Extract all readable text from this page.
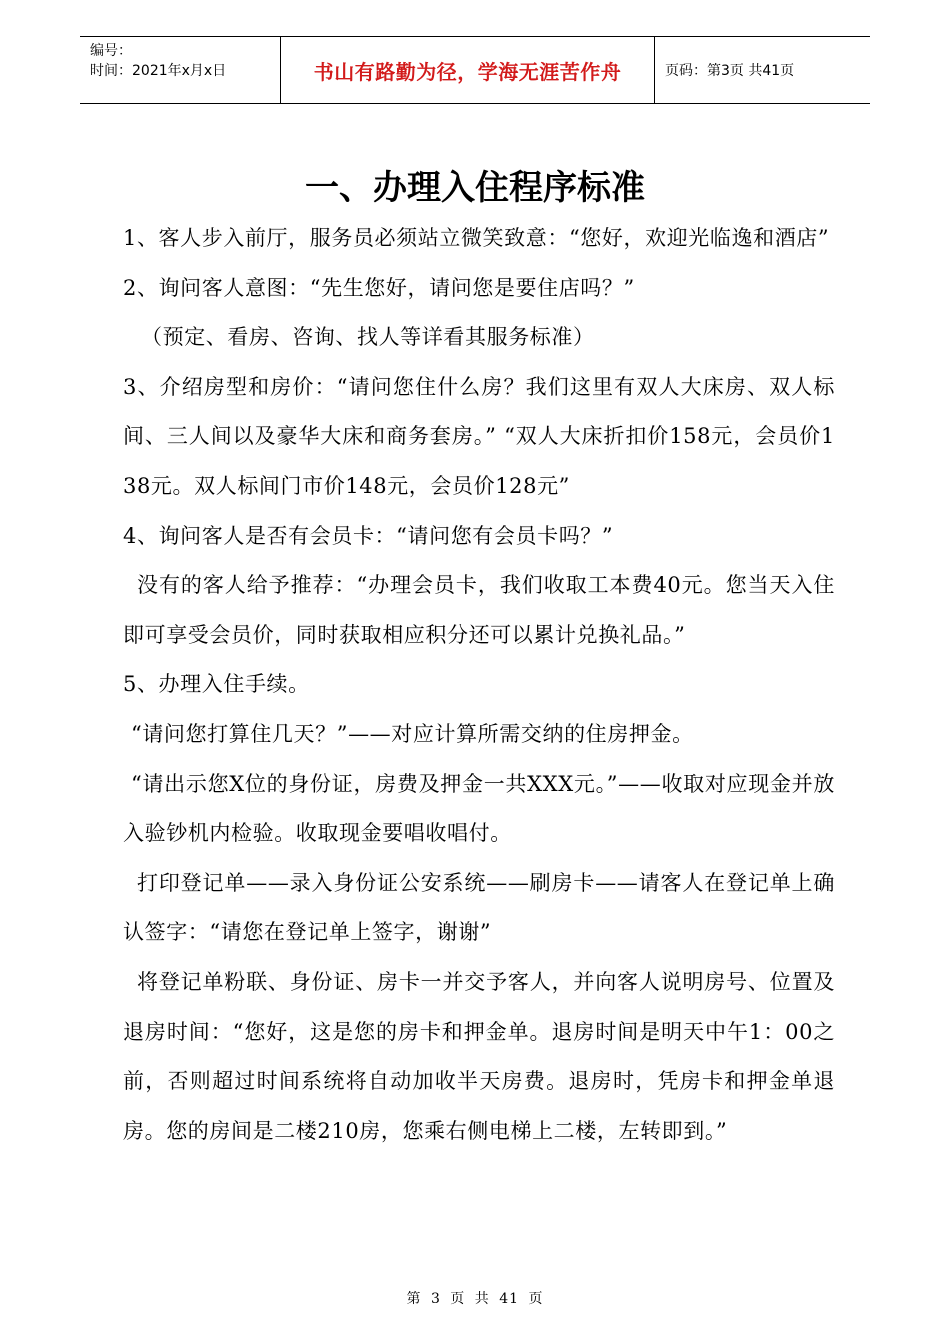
编号：
时间：2021年x月x日	书山有路勤为径，学海无涯苦作舟	页码：第3页 共41页
一、办理入住程序标准

1、客人步入前厅，服务员必须站立微笑致意：“您好，欢迎光临逸和酒店”

2、询问客人意图：“先生您好，请问您是要住店吗？”

（预定、看房、咨询、找人等详看其服务标准）

3、介绍房型和房价：“请问您住什么房？我们这里有双人大床房、双人标间、三人间以及豪华大床和商务套房。” “双人大床折扣价158元，会员价138元。双人标间门市价148元，会员价128元”

4、询问客人是否有会员卡：“请问您有会员卡吗？”

没有的客人给予推荐：“办理会员卡，我们收取工本费40元。您当天入住即可享受会员价，同时获取相应积分还可以累计兑换礼品。”

5、办理入住手续。

“请问您打算住几天？”——对应计算所需交纳的住房押金。

“请出示您X位的身份证，房费及押金一共XXX元。”——收取对应现金并放入验钞机内检验。收取现金要唱收唱付。

打印登记单——录入身份证公安系统——刷房卡——请客人在登记单上确认签字：“请您在登记单上签字，谢谢”

将登记单粉联、身份证、房卡一并交予客人，并向客人说明房号、位置及退房时间：“您好，这是您的房卡和押金单。退房时间是明天中午1：00之前，否则超过时间系统将自动加收半天房费。退房时，凭房卡和押金单退房。您的房间是二楼210房，您乘右侧电梯上二楼，左转即到。”

第 3 页 共 41 页
